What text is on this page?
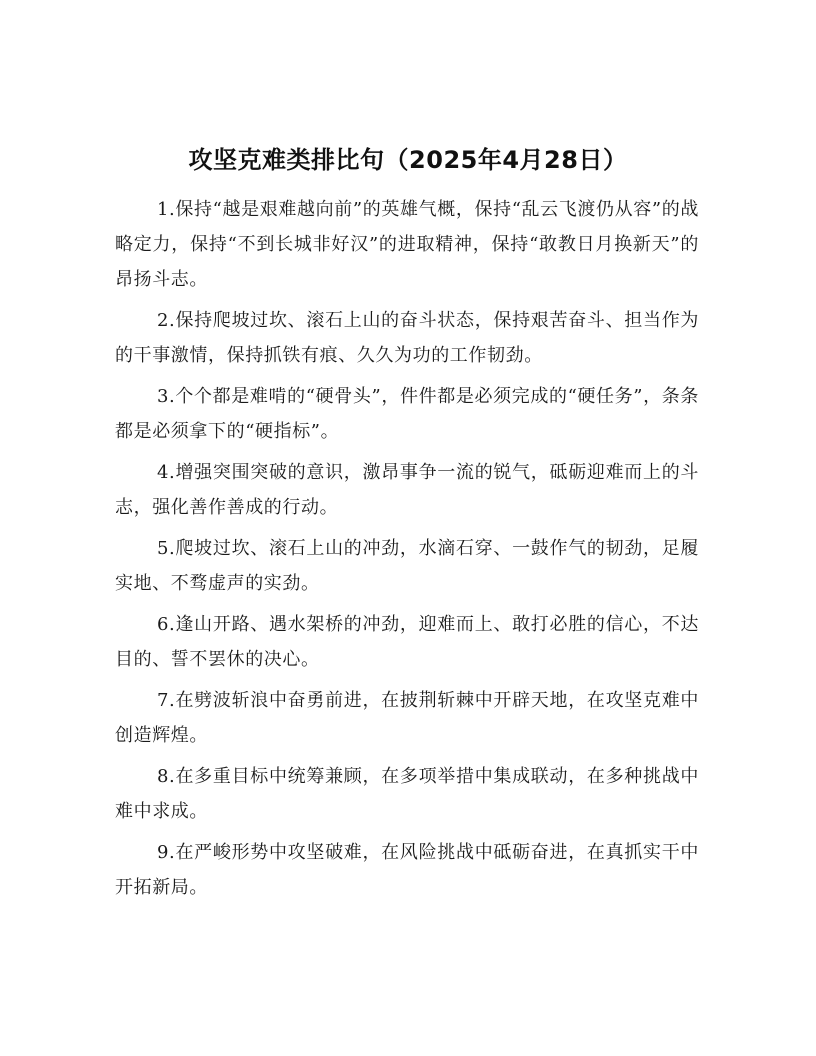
攻坚克难类排比句（2025年4月28日）

1.保持“越是艰难越向前”的英雄气概，保持“乱云飞渡仍从容”的战略定力，保持“不到长城非好汉”的进取精神，保持“敢教日月换新天”的昂扬斗志。

2.保持爬坡过坎、滚石上山的奋斗状态，保持艰苦奋斗、担当作为的干事激情，保持抓铁有痕、久久为功的工作韧劲。

3.个个都是难啃的“硬骨头”，件件都是必须完成的“硬任务”，条条都是必须拿下的“硬指标”。

4.增强突围突破的意识，激昂事争一流的锐气，砥砺迎难而上的斗志，强化善作善成的行动。

5.爬坡过坎、滚石上山的冲劲，水滴石穿、一鼓作气的韧劲，足履实地、不骛虚声的实劲。

6.逢山开路、遇水架桥的冲劲，迎难而上、敢打必胜的信心，不达目的、誓不罢休的决心。

7.在劈波斩浪中奋勇前进，在披荆斩棘中开辟天地，在攻坚克难中创造辉煌。

8.在多重目标中统筹兼顾，在多项举措中集成联动，在多种挑战中难中求成。

9.在严峻形势中攻坚破难，在风险挑战中砥砺奋进，在真抓实干中开拓新局。
